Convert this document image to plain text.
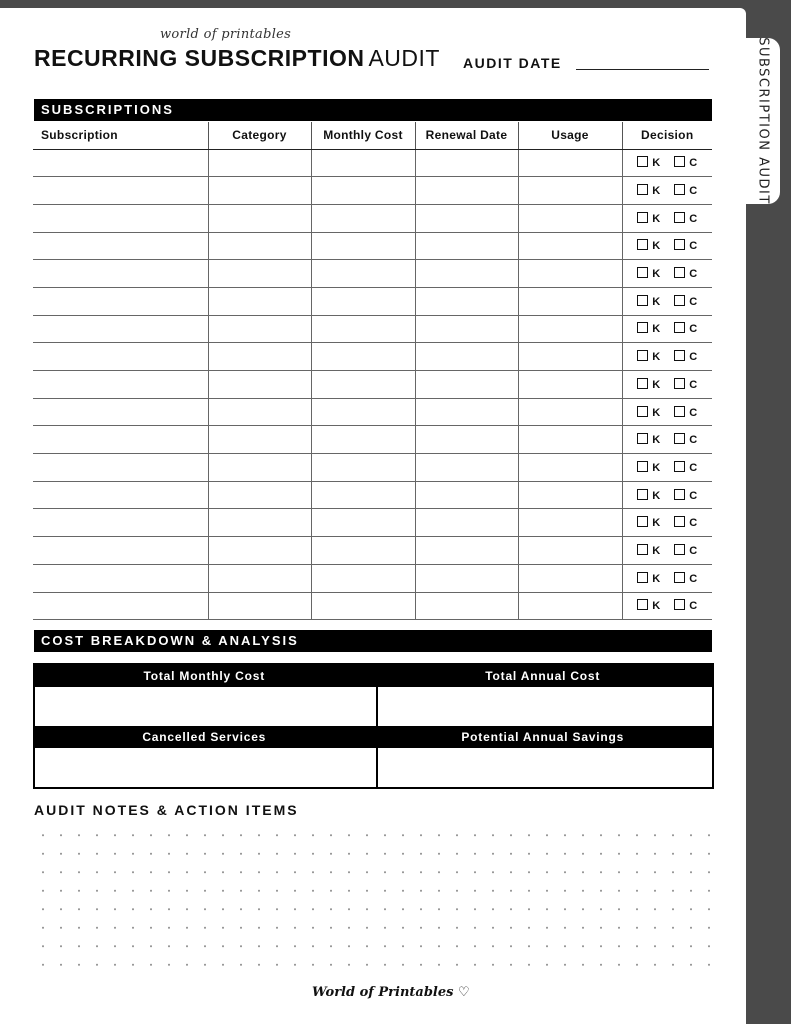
SUBSCRIPTION AUDIT
world of printables
RECURRING SUBSCRIPTION AUDIT AUDIT DATE
SUBSCRIPTIONS
Subscription	Category	Monthly Cost	Renewal Date	Usage	Decision
					K C
					K C
					K C
					K C
					K C
					K C
					K C
					K C
					K C
					K C
					K C
					K C
					K C
					K C
					K C
					K C
					K C
COST BREAKDOWN & ANALYSIS
Total Monthly Cost	Total Annual Cost
Cancelled Services	Potential Annual Savings
AUDIT NOTES & ACTION ITEMS
World of Printables ♡
